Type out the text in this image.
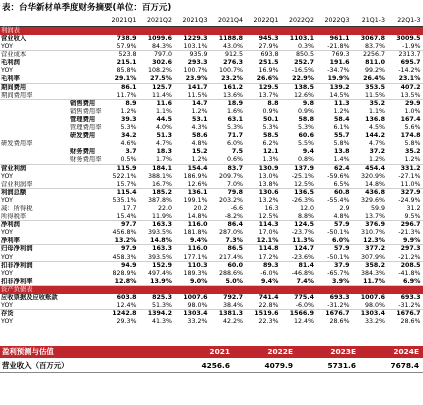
表：台华新材单季度财务摘要(单位：百万元)
2021Q1	2021Q2	2021Q3	2021Q4	2022Q1	2022Q2	2022Q3	21Q1-3	22Q1-3
利润表
营业收入	738.9	1099.6	1229.3	1188.8	945.3	1103.1	961.1	3067.8	3009.5
YOY	57.9%	84.3%	103.1%	43.0%	27.9%	0.3%	-21.8%	83.7%	-1.9%
营业成本	523.8	797.0	935.9	912.5	693.8	850.5	769.3	2256.7	2313.7
毛利润	215.1	302.6	293.3	276.3	251.5	252.7	191.6	811.0	695.7
YOY	85.8%	108.2%	100.7%	100.7%	16.9%	-16.5%	-34.7%	99.2%	-14.2%
毛利率	29.1%	27.5%	23.9%	23.2%	26.6%	22.9%	19.9%	26.4%	23.1%
期间费用	86.1	125.7	141.7	161.2	129.5	138.5	139.2	353.5	407.2
期间费用率	11.7%	11.4%	11.5%	13.6%	13.7%	12.6%	14.5%	11.5%	13.5%
销售费用	8.9	11.6	14.7	18.9	8.8	9.8	11.3	35.2	29.9
销售费用率	1.2%	1.1%	1.2%	1.6%	0.9%	0.9%	1.2%	1.1%	1.0%
管理费用	39.3	44.5	53.1	63.1	50.1	58.8	58.4	136.8	167.4
管理费用率	5.3%	4.0%	4.3%	5.3%	5.3%	5.3%	6.1%	4.5%	5.6%
研发费用	34.2	51.3	58.6	71.7	58.5	60.6	55.7	144.2	174.8
研发费用率	4.6%	4.7%	4.8%	6.0%	6.2%	5.5%	5.8%	4.7%	5.8%
财务费用	3.7	18.3	15.2	7.5	12.1	9.4	13.8	37.2	35.2
财务费用率	0.5%	1.7%	1.2%	0.6%	1.3%	0.8%	1.4%	1.2%	1.2%
营业利润	115.9	184.1	154.4	83.7	130.9	137.9	62.4	454.4	331.2
YOY	522.1%	388.1%	186.9%	209.7%	13.0%	-25.1%	-59.6%	320.9%	-27.1%
营业利润率	15.7%	16.7%	12.6%	7.0%	13.8%	12.5%	6.5%	14.8%	11.0%
利润总额	115.4	185.2	136.1	79.8	130.6	136.5	60.8	436.8	327.9
YOY	535.1%	387.8%	199.1%	203.2%	13.2%	-26.3%	-55.4%	329.6%	-24.9%
减：所得税	17.7	22.0	20.2	-6.6	16.3	12.0	2.9	59.9	31.2
所得税率	15.4%	11.9%	14.8%	-8.2%	12.5%	8.8%	4.8%	13.7%	9.5%
净利润	97.7	163.3	116.0	86.4	114.3	124.5	57.9	376.9	296.7
YOY	456.8%	393.5%	181.8%	287.0%	17.0%	-23.7%	-50.1%	310.7%	-21.3%
净利率	13.2%	14.8%	9.4%	7.3%	12.1%	11.3%	6.0%	12.3%	9.9%
归母净利润	97.9	163.3	116.0	86.5	114.8	124.7	57.9	377.2	297.3
YOY	458.3%	393.5%	177.1%	217.4%	17.2%	-23.6%	-50.1%	307.9%	-21.2%
扣非净利润	94.9	152.9	110.3	60.0	89.3	81.4	37.9	358.2	208.5
YOY	828.9%	497.4%	189.3%	288.6%	-6.0%	-46.8%	-65.7%	384.3%	-41.8%
扣非净利率	12.8%	13.9%	9.0%	5.0%	9.4%	7.4%	3.9%	11.7%	6.9%
资产负债表
应收票据及应收账款	603.8	825.3	1007.6	792.7	741.4	775.4	693.3	1007.6	693.3
YOY	12.4%	51.3%	98.0%	38.4%	22.8%	-6.0%	-31.2%	98.0%	-31.2%
存货	1242.8	1394.2	1303.4	1381.3	1519.6	1566.9	1676.7	1303.4	1676.7
YOY	29.3%	41.3%	33.2%	42.2%	22.3%	12.4%	28.6%	33.2%	28.6%
盈利预测与估值	2021	2022E	2023E	2024E
营业收入（百万元）	4256.6	4079.9	5731.6	7678.4
